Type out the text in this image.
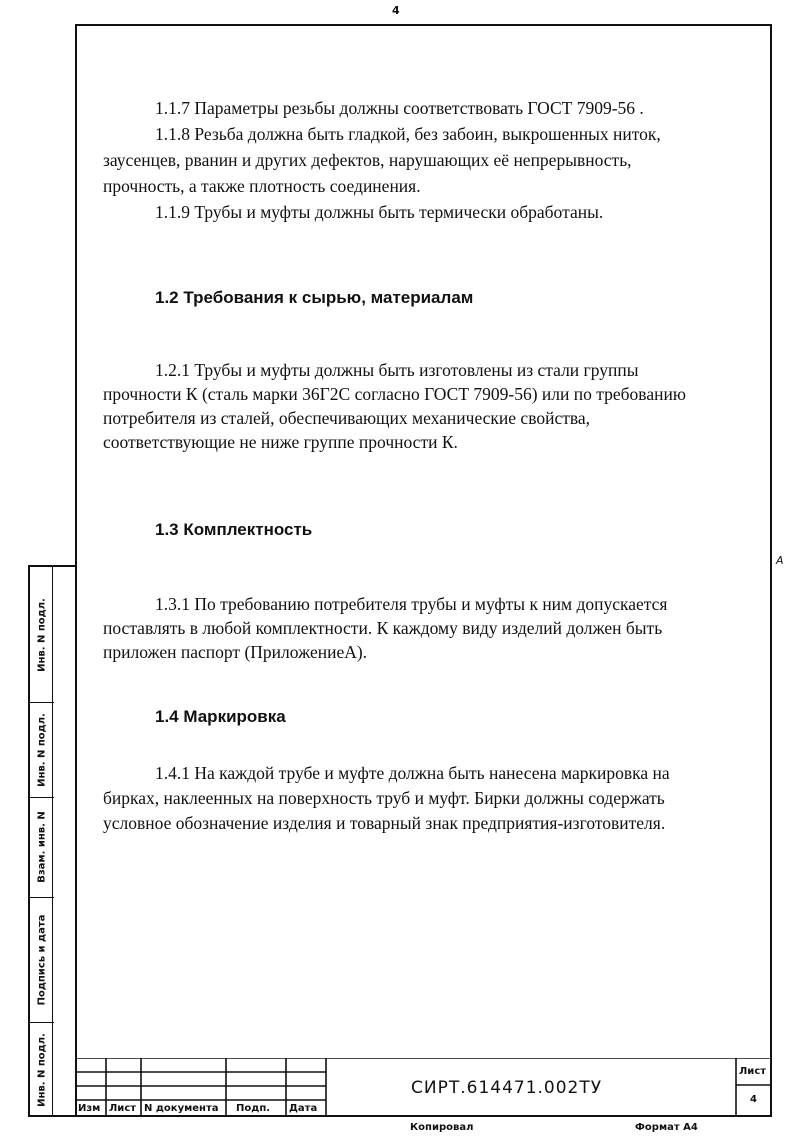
4
Инв. N подл.
Инв. N подл.
Взам. инв. N
Подпись и дата
Инв. N подл.
1.1.7 Параметры резьбы должны соответствовать ГОСТ 7909-56 .
1.1.8 Резьба должна быть гладкой, без забоин, выкрошенных ниток,
заусенцев, рванин и других дефектов, нарушающих её непрерывность,
прочность, а также плотность соединения.
1.1.9 Трубы и муфты должны быть термически обработаны.
1.2 Требования к сырью, материалам
1.2.1 Трубы и муфты должны быть изготовлены из стали группы
прочности К (сталь марки 36Г2С согласно ГОСТ 7909-56) или по требованию
потребителя из сталей, обеспечивающих механические свойства,
соответствующие не ниже группе прочности К.
1.3 Комплектность
1.3.1 По требованию потребителя трубы и муфты к ним допускается
поставлять в любой комплектности. К каждому виду изделий должен быть
приложен паспорт (ПриложениеА).
1.4 Маркировка
1.4.1 На каждой трубе и муфте должна быть нанесена маркировка на
бирках, наклеенных на поверхность труб и муфт. Бирки должны содержать
условное обозначение изделия и товарный знак предприятия-изготовителя.
А
Изм Лист N документа Подп. Дата
СИРТ.614471.002ТУ
Лист
4
Копировал	Формат А4
